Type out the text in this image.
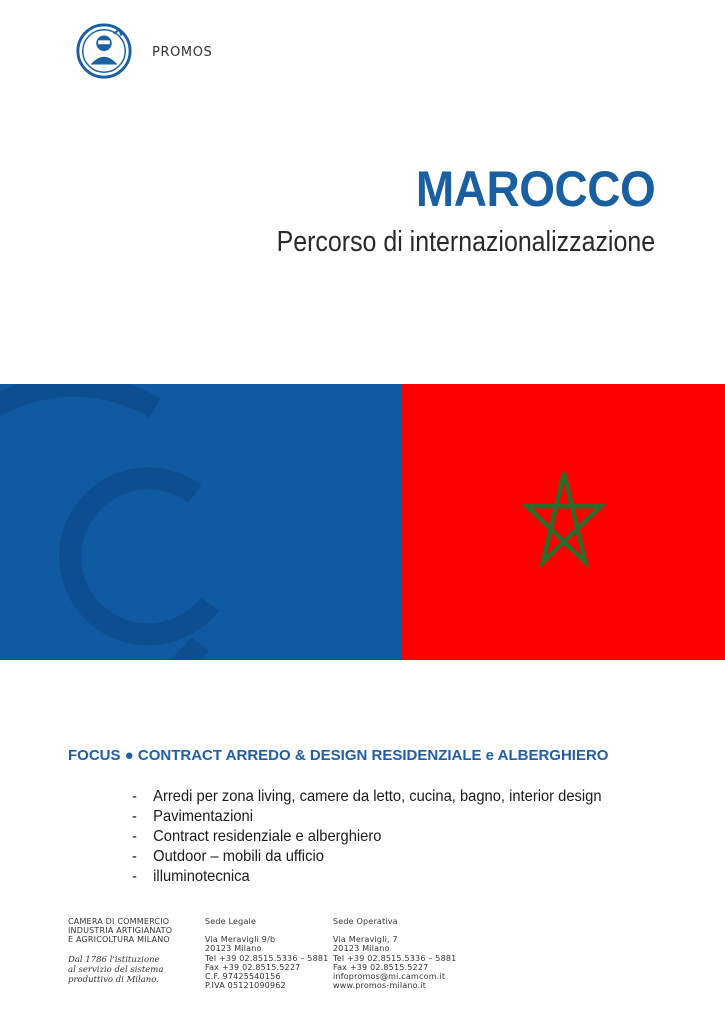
PROMOS
MAROCCO
Percorso di internazionalizzazione
FOCUS ● CONTRACT ARREDO & DESIGN RESIDENZIALE e ALBERGHIERO
-	Arredi per zona living, camere da letto, cucina, bagno, interior design
-	Pavimentazioni
-	Contract residenziale e alberghiero
-	Outdoor – mobili da ufficio
-	illuminotecnica
CAMERA DI COMMERCIO
INDUSTRIA ARTIGIANATO
E AGRICOLTURA MILANO
Dal 1786 l'istituzione
al servizio del sistema
produttivo di Milano.
Sede Legale
Via Meravigli 9/b
20123 Milano
Tel +39 02.8515.5336 – 5881
Fax +39 02.8515.5227
C.F. 97425540156
P.IVA 05121090962
Sede Operativa
Via Meravigli, 7
20123 Milano
Tel +39 02.8515.5336 – 5881
Fax +39 02.8515.5227
infopromos@mi.camcom.it
www.promos-milano.it
